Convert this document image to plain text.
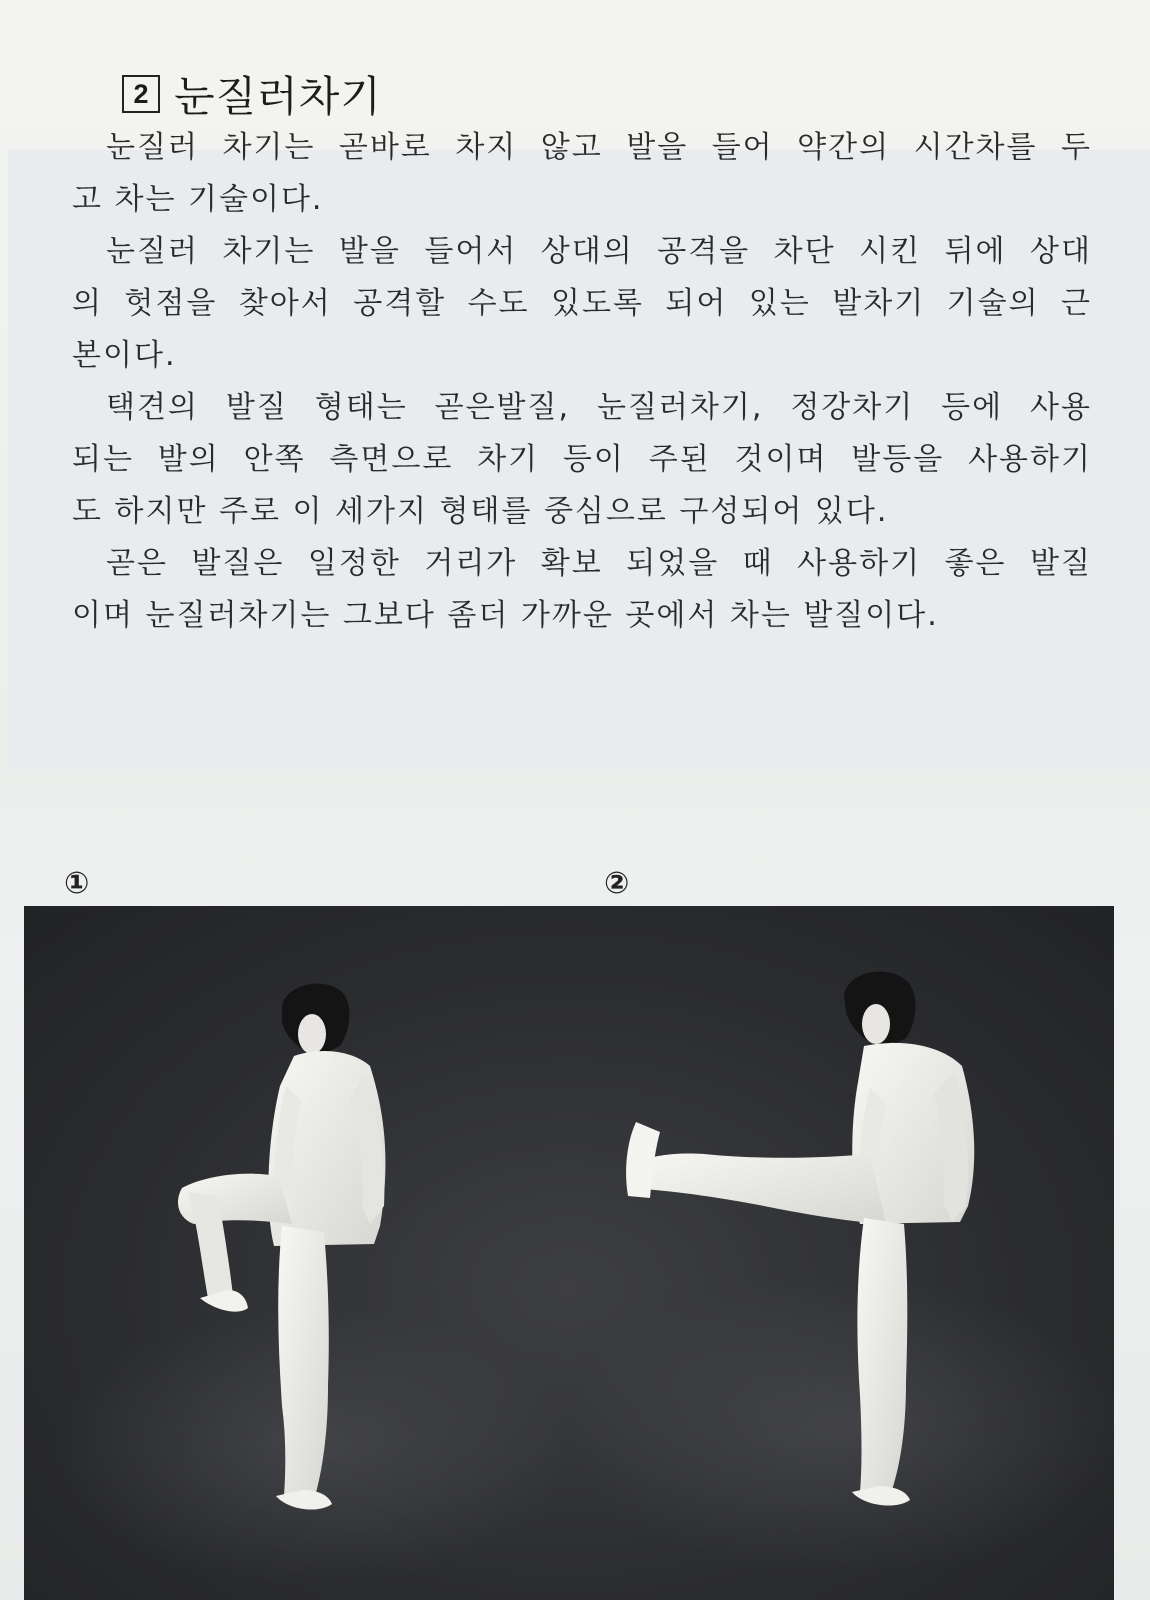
2 눈질러차기
눈질러 차기는 곧바로 차지 않고 발을 들어 약간의 시간차를 두
고 차는 기술이다.
눈질러 차기는 발을 들어서 상대의 공격을 차단 시킨 뒤에 상대
의 헛점을 찾아서 공격할 수도 있도록 되어 있는 발차기 기술의 근
본이다.
택견의 발질 형태는 곧은발질, 눈질러차기, 정강차기 등에 사용
되는 발의 안쪽 측면으로 차기 등이 주된 것이며 발등을 사용하기
도 하지만 주로 이 세가지 형태를 중심으로 구성되어 있다.
곧은 발질은 일정한 거리가 확보 되었을 때 사용하기 좋은 발질
이며 눈질러차기는 그보다 좀더 가까운 곳에서 차는 발질이다.
①	②
